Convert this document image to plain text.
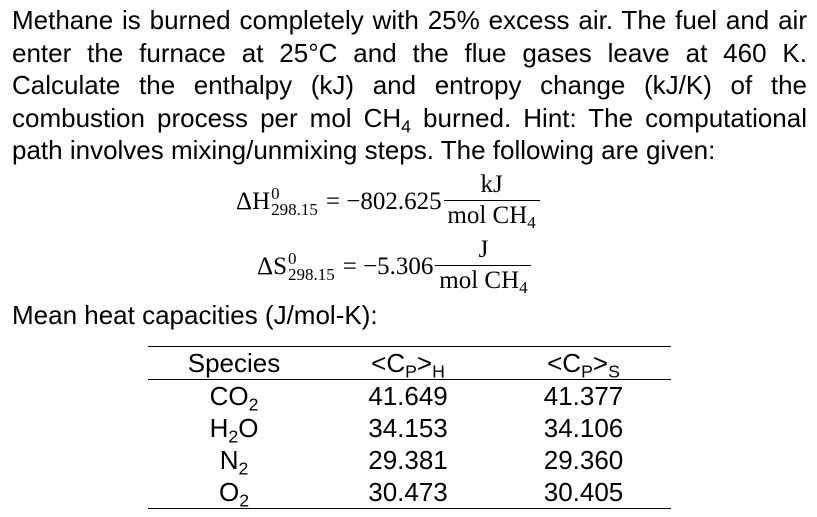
Methane is burned completely with 25% excess air. The fuel and air enter the furnace at 25°C and the flue gases leave at 460 K. Calculate the enthalpy (kJ) and entropy change (kJ/K) of the combustion process per mol $CH_4$ burned. Hint: The computational path involves mixing/unmixing steps. The following are given:

ΔH 0
$298.15 = -802.625 \frac{kJ}{mol CH_4}$
ΔS 0
$298.15 = -5.306 \frac{J}{mol CH_4}$

Mean heat capacities (J/mol-K):

Species	$<C_P>_H$	$<C_P>_S$
$CO_2$	41.649	41.377
$H_2O$	34.153	34.106
$N_2$	29.381	29.360
$O_2$	30.473	30.405
